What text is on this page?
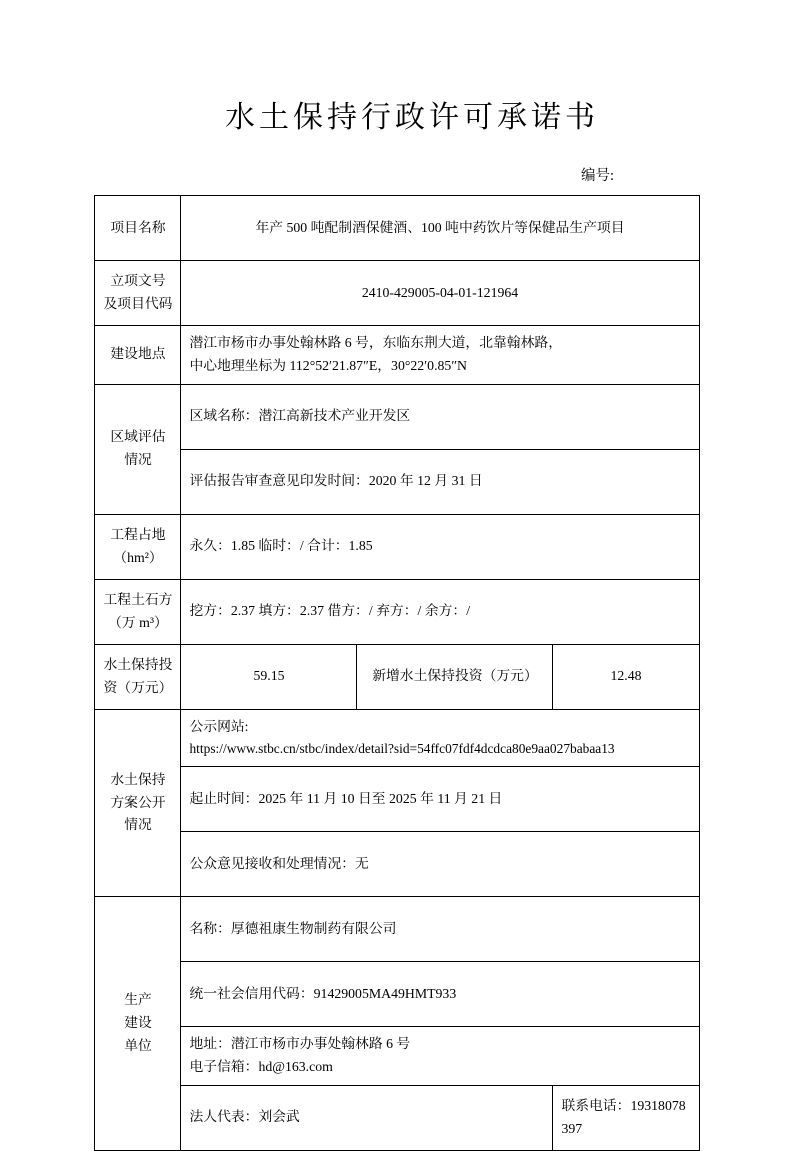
水土保持行政许可承诺书
编号:
项目名称	年产 500 吨配制酒保健酒、100 吨中药饮片等保健品生产项目		

立项文号
及项目代码	2410-429005-04-01-121964		
建设地点	潜江市杨市办事处翰林路 6 号，东临东荆大道，北靠翰林路，
中心地理坐标为 112°52′21.87″E，30°22′0.85″N		

区域评估
情况	区域名称：潜江高新技术产业开发区		
	评估报告审查意见印发时间：2020 年 12 月 31 日		

工程占地
（hm²）	永久：1.85 临时：/ 合计：1.85		

工程土石方
（万 m³）	挖方：2.37 填方：2.37 借方：/ 弃方：/ 余方：/		

水土保持投
资（万元）	59.15	新增水土保持投资（万元）	12.48

水土保持
方案公开
情况	公示网站:
https://www.stbc.cn/stbc/index/detail?sid=54ffc07fdf4dcdca80e9aa027babaa13		

	起止时间：2025 年 11 月 10 日至 2025 年 11 月 21 日		
	公众意见接收和处理情况：无		

生产
建设
单位	名称：厚德祖康生物制药有限公司		
	统一社会信用代码：91429005MA49HMT933		

	地址：潜江市杨市办事处翰林路 6 号
电子信箱：hd@163.com		

	法人代表：刘会武		联系电话：19318078397
